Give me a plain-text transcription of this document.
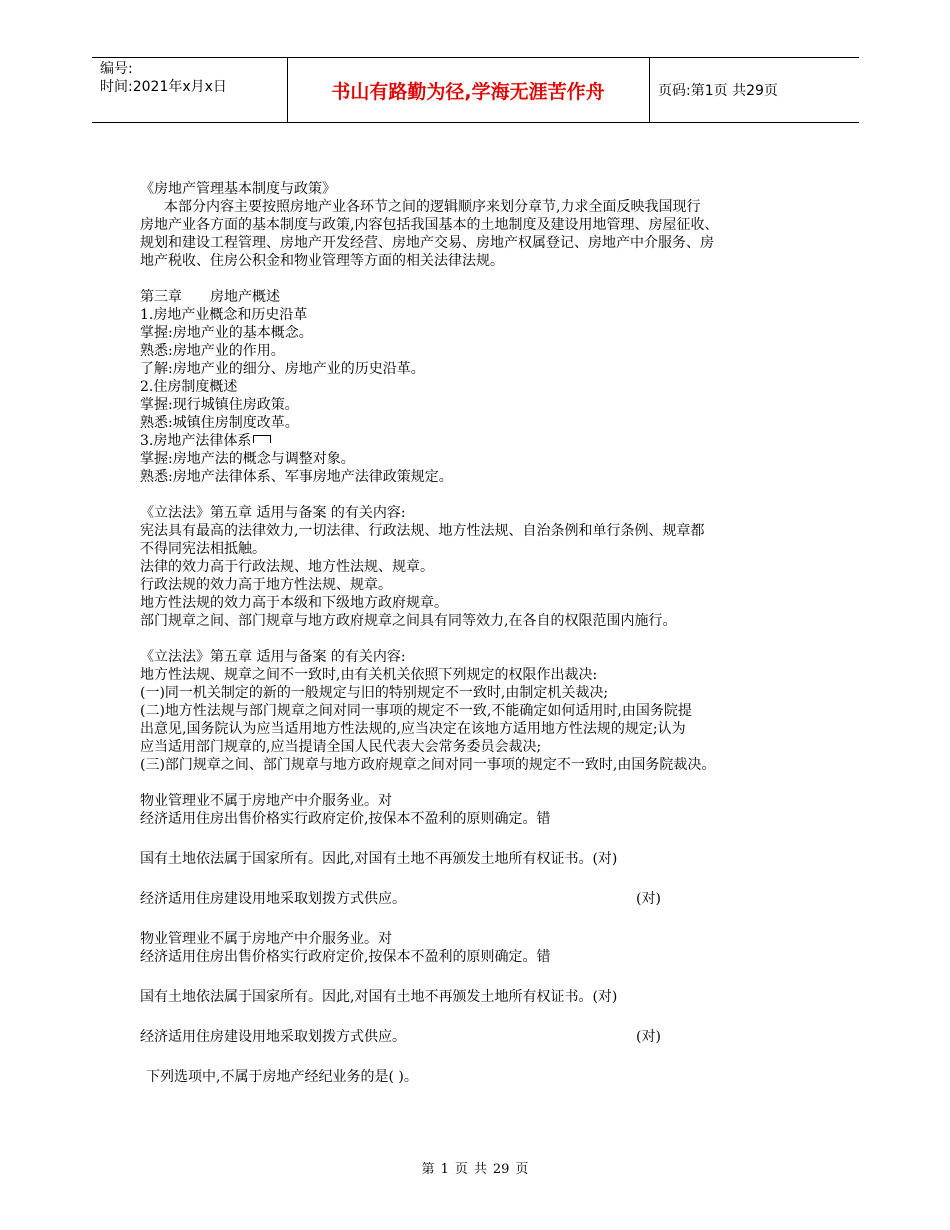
编号:
时间:2021年x月x日	书山有路勤为径,学海无涯苦作舟	页码:第1页 共29页

《房地产管理基本制度与政策》

本部分内容主要按照房地产业各环节之间的逻辑顺序来划分章节,力求全面反映我国现行

房地产业各方面的基本制度与政策,内容包括我国基本的土地制度及建设用地管理、房屋征收、

规划和建设工程管理、房地产开发经营、房地产交易、房地产权属登记、房地产中介服务、房

地产税收、住房公积金和物业管理等方面的相关法律法规。

第三章　　房地产概述

1.房地产业概念和历史沿革

掌握:房地产业的基本概念。

熟悉:房地产业的作用。

了解:房地产业的细分、房地产业的历史沿革。

2.住房制度概述

掌握:现行城镇住房政策。

熟悉:城镇住房制度改革。

3.房地产法律体系

掌握:房地产法的概念与调整对象。

熟悉:房地产法律体系、军事房地产法律政策规定。

《立法法》第五章 适用与备案 的有关内容:

宪法具有最高的法律效力,一切法律、行政法规、地方性法规、自治条例和单行条例、规章都

不得同宪法相抵触。

法律的效力高于行政法规、地方性法规、规章。

行政法规的效力高于地方性法规、规章。

地方性法规的效力高于本级和下级地方政府规章。

部门规章之间、部门规章与地方政府规章之间具有同等效力,在各自的权限范围内施行。

《立法法》第五章 适用与备案 的有关内容:

地方性法规、规章之间不一致时,由有关机关依照下列规定的权限作出裁决:

(一)同一机关制定的新的一般规定与旧的特别规定不一致时,由制定机关裁决;

(二)地方性法规与部门规章之间对同一事项的规定不一致,不能确定如何适用时,由国务院提

出意见,国务院认为应当适用地方性法规的,应当决定在该地方适用地方性法规的规定;认为

应当适用部门规章的,应当提请全国人民代表大会常务委员会裁决;

(三)部门规章之间、部门规章与地方政府规章之间对同一事项的规定不一致时,由国务院裁决。

物业管理业不属于房地产中介服务业。对

经济适用住房出售价格实行政府定价,按保本不盈利的原则确定。错

国有土地依法属于国家所有。因此,对国有土地不再颁发土地所有权证书。(对)

经济适用住房建设用地采取划拨方式供应。	(对)

物业管理业不属于房地产中介服务业。对

经济适用住房出售价格实行政府定价,按保本不盈利的原则确定。错

国有土地依法属于国家所有。因此,对国有土地不再颁发土地所有权证书。(对)

经济适用住房建设用地采取划拨方式供应。	(对)

下列选项中,不属于房地产经纪业务的是( )。

第 1 页 共 29 页
